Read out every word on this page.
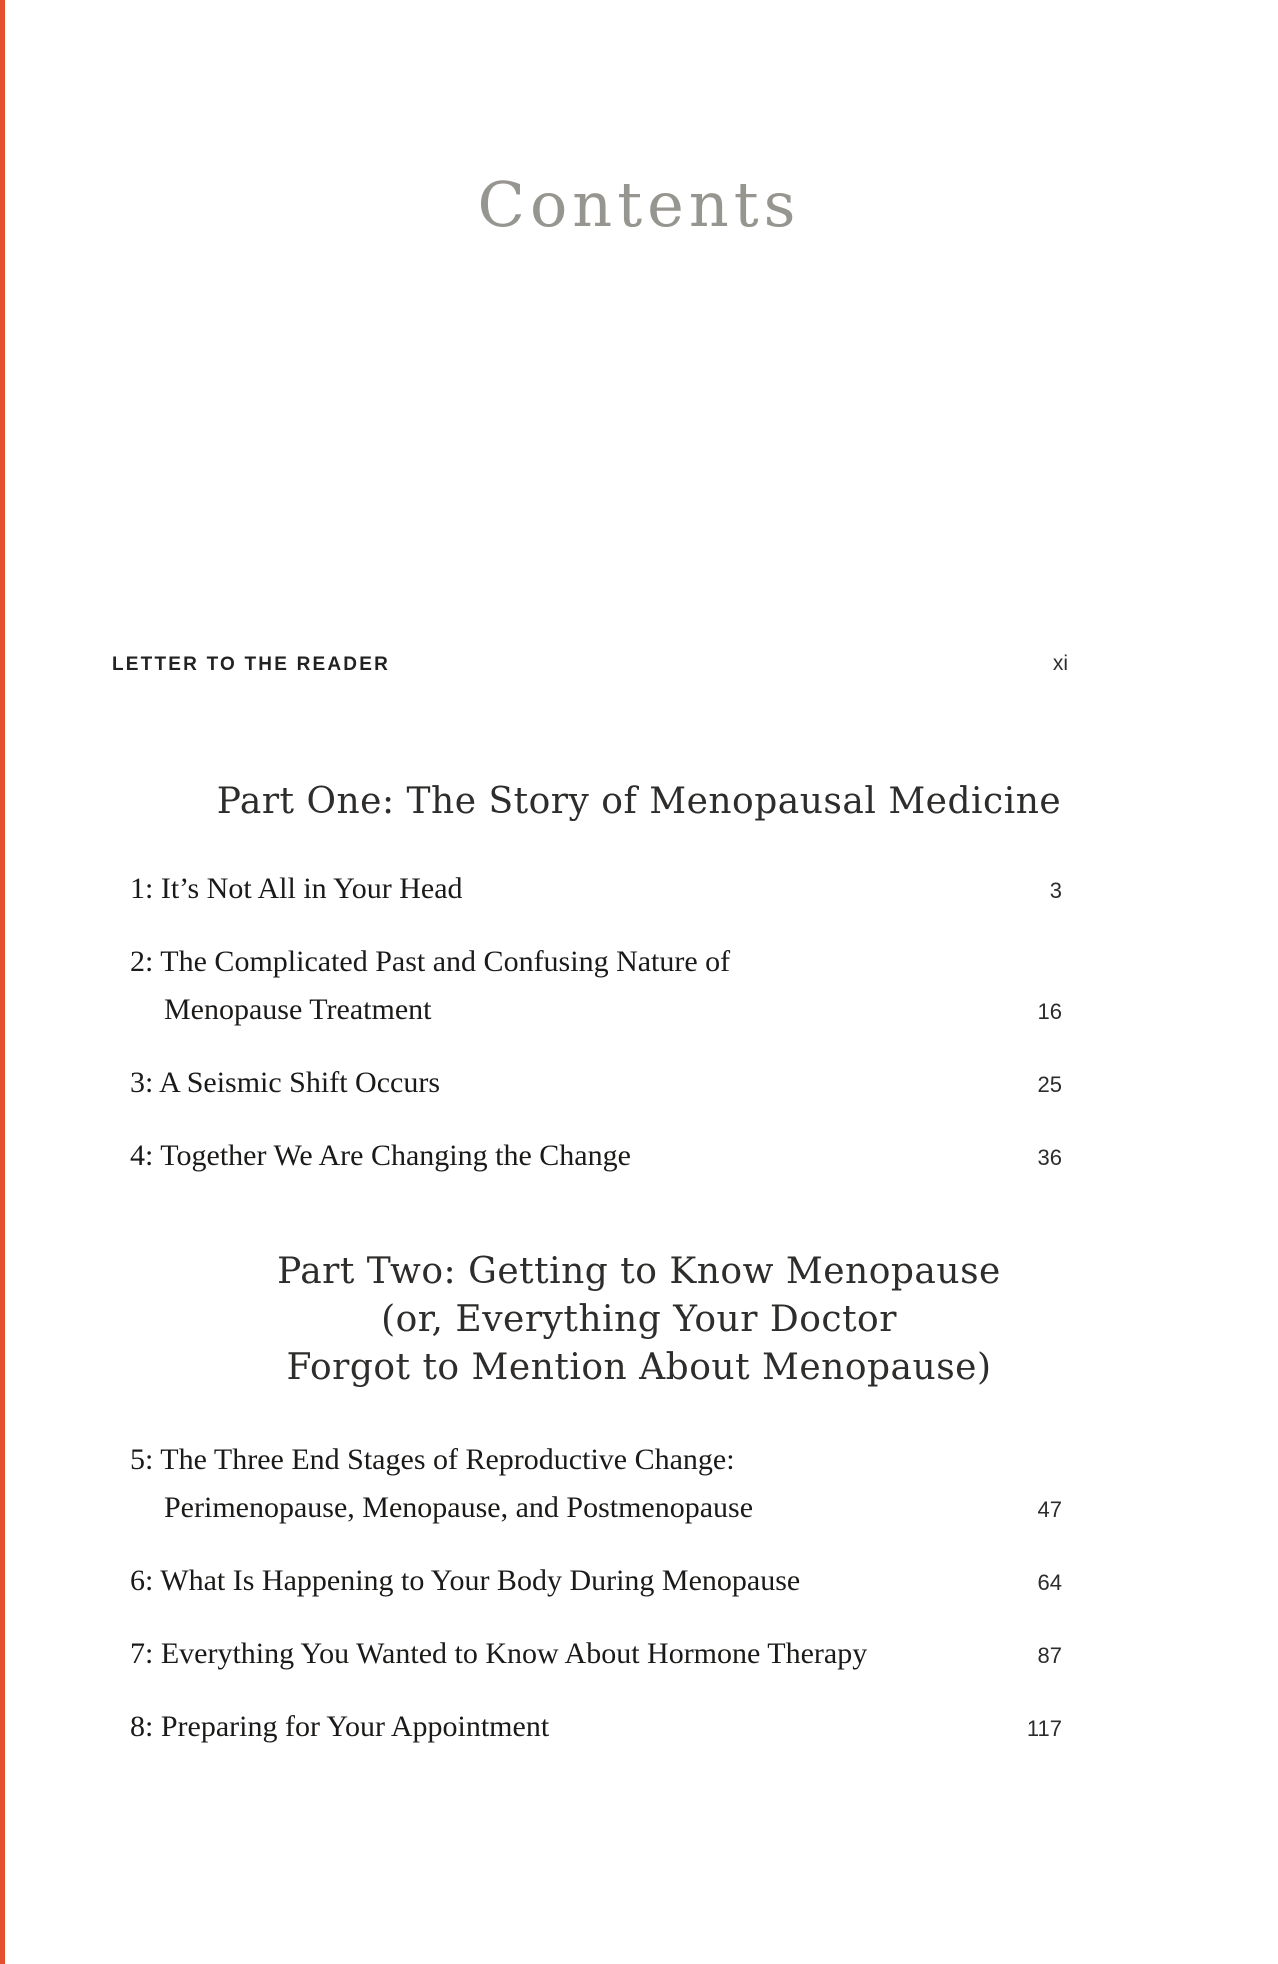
Contents
LETTER TO THE READER	xi
Part One: The Story of Menopausal Medicine
1: It’s Not All in Your Head	3
2: The Complicated Past and Confusing Nature of
Menopause Treatment	16
3: A Seismic Shift Occurs	25
4: Together We Are Changing the Change	36
Part Two: Getting to Know Menopause
(or, Everything Your Doctor
Forgot to Mention About Menopause)
5: The Three End Stages of Reproductive Change:
Perimenopause, Menopause, and Postmenopause	47
6: What Is Happening to Your Body During Menopause	64
7: Everything You Wanted to Know About Hormone Therapy	87
8: Preparing for Your Appointment	117
